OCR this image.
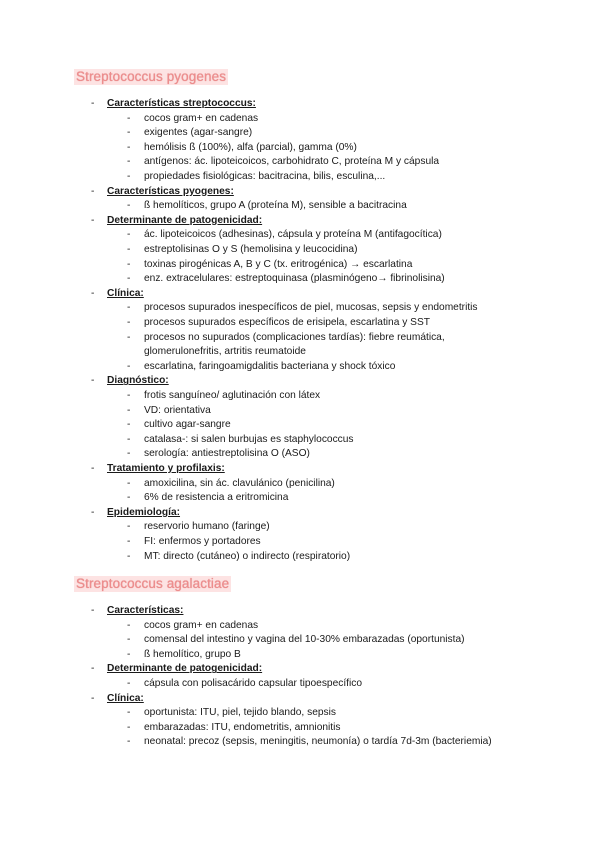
Streptococcus pyogenes
- Características streptococcus:
- cocos gram+ en cadenas
- exigentes (agar-sangre)
- hemólisis ß (100%), alfa (parcial), gamma (0%)
- antígenos: ác. lipoteicoicos, carbohidrato C, proteína M y cápsula
- propiedades fisiológicas: bacitracina, bilis, esculina,...
- Características pyogenes:
- ß hemolíticos, grupo A (proteína M), sensible a bacitracina
- Determinante de patogenicidad:
- ác. lipoteicoicos (adhesinas), cápsula y proteína M (antifagocítica)
- estreptolisinas O y S (hemolisina y leucocidina)
- toxinas pirogénicas A, B y C (tx. eritrogénica) → escarlatina
- enz. extracelulares: estreptoquinasa (plasminógeno→ fibrinolisina)
- Clínica:
- procesos supurados inespecíficos de piel, mucosas, sepsis y endometritis
- procesos supurados específicos de erisipela, escarlatina y SST
- procesos no supurados (complicaciones tardías): fiebre reumática,
glomerulonefritis, artritis reumatoide
- escarlatina, faringoamigdalitis bacteriana y shock tóxico
- Diagnóstico:
- frotis sanguíneo/ aglutinación con látex
- VD: orientativa
- cultivo agar-sangre
- catalasa-: si salen burbujas es staphylococcus
- serología: antiestreptolisina O (ASO)
- Tratamiento y profilaxis:
- amoxicilina, sin ác. clavulánico (penicilina)
- 6% de resistencia a eritromicina
- Epidemiología:
- reservorio humano (faringe)
- FI: enfermos y portadores
- MT: directo (cutáneo) o indirecto (respiratorio)
Streptococcus agalactiae
- Características:
- cocos gram+ en cadenas
- comensal del intestino y vagina del 10-30% embarazadas (oportunista)
- ß hemolítico, grupo B
- Determinante de patogenicidad:
- cápsula con polisacárido capsular tipoespecífico
- Clínica:
- oportunista: ITU, piel, tejido blando, sepsis
- embarazadas: ITU, endometritis, amnionitis
- neonatal: precoz (sepsis, meningitis, neumonía) o tardía 7d-3m (bacteriemia)
